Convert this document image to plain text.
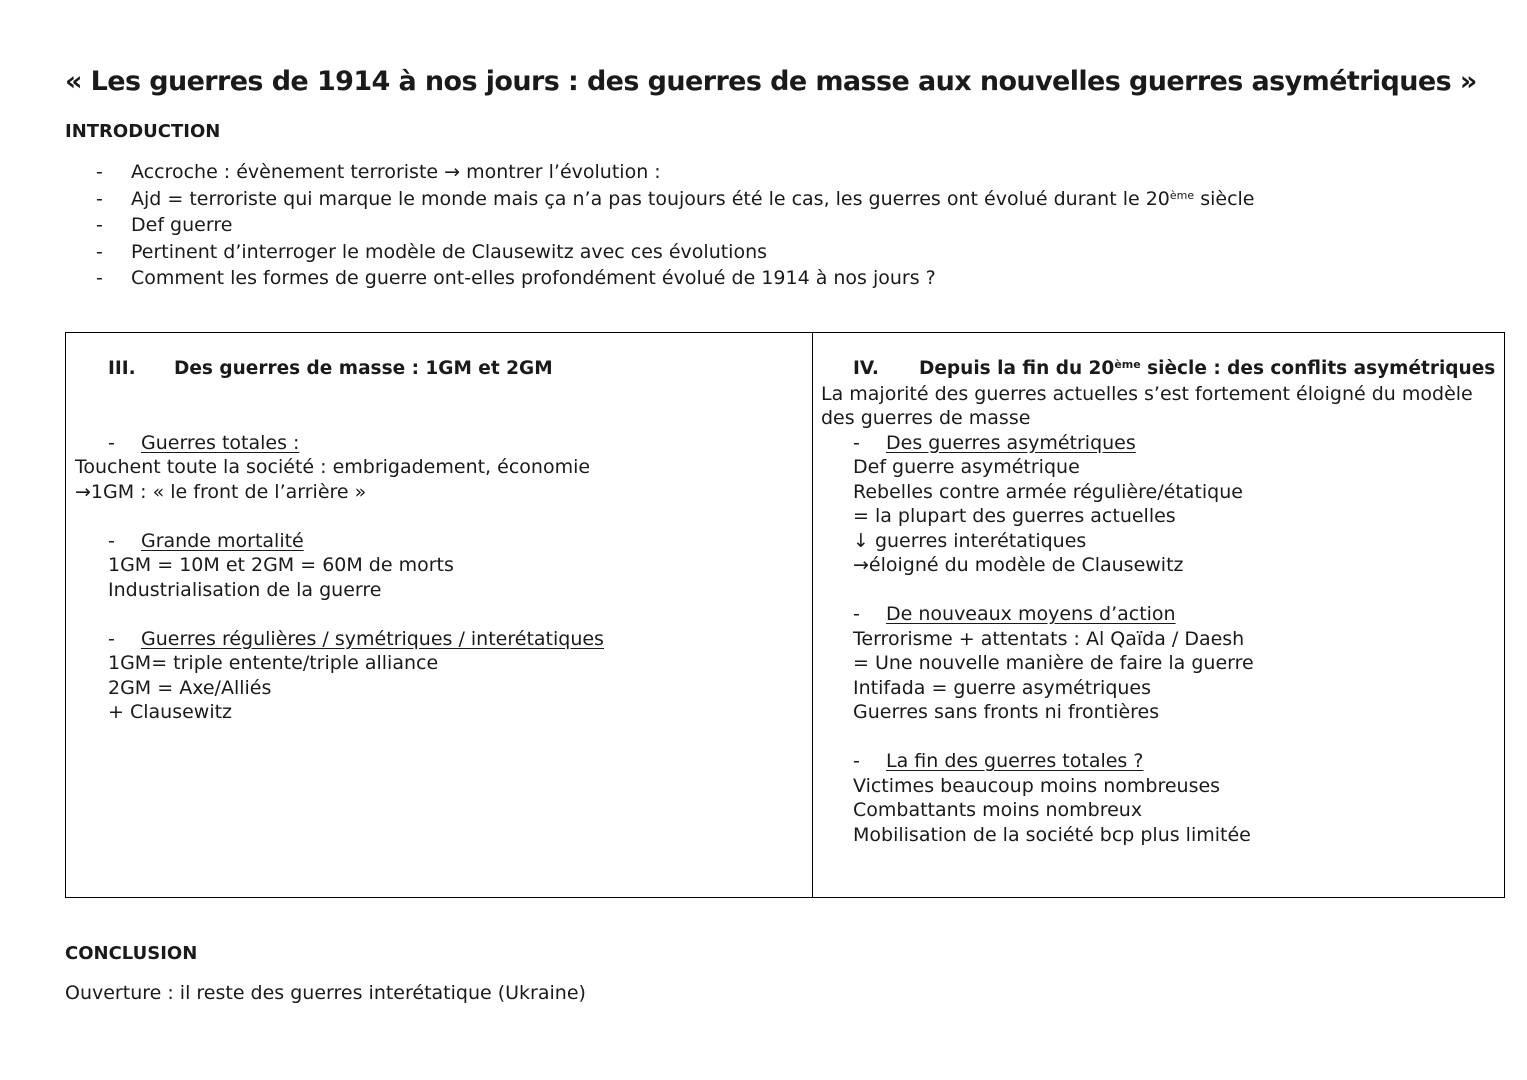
« Les guerres de 1914 à nos jours : des guerres de masse aux nouvelles guerres asymétriques »
INTRODUCTION
- Accroche : évènement terroriste → montrer l’évolution :
- Ajd = terroriste qui marque le monde mais ça n’a pas toujours été le cas, les guerres ont évolué durant le 20ème siècle
- Def guerre
- Pertinent d’interroger le modèle de Clausewitz avec ces évolutions
- Comment les formes de guerre ont-elles profondément évolué de 1914 à nos jours ?
III. Des guerres de masse : 1GM et 2GM
- Guerres totales :
Touchent toute la société : embrigadement, économie
→1GM : « le front de l’arrière »
- Grande mortalité
1GM = 10M et 2GM = 60M de morts
Industrialisation de la guerre
- Guerres régulières / symétriques / interétatiques
1GM= triple entente/triple alliance
2GM = Axe/Alliés
+ Clausewitz
IV. Depuis la fin du 20ème siècle : des conflits asymétriques
La majorité des guerres actuelles s’est fortement éloigné du modèle
des guerres de masse
- Des guerres asymétriques
Def guerre asymétrique
Rebelles contre armée régulière/étatique
= la plupart des guerres actuelles
↓ guerres interétatiques
→éloigné du modèle de Clausewitz
- De nouveaux moyens d’action
Terrorisme + attentats : Al Qaïda / Daesh
= Une nouvelle manière de faire la guerre
Intifada = guerre asymétriques
Guerres sans fronts ni frontières
- La fin des guerres totales ?
Victimes beaucoup moins nombreuses
Combattants moins nombreux
Mobilisation de la société bcp plus limitée
CONCLUSION
Ouverture : il reste des guerres interétatique (Ukraine)
